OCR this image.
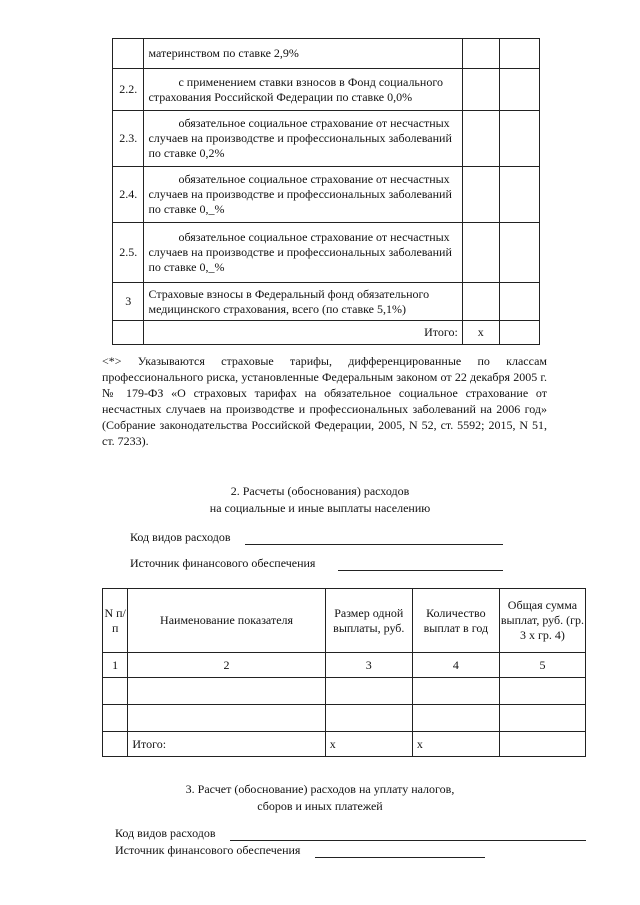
	материнством по ставке 2,9%		
2.2.	с применением ставки взносов в Фонд социального страхования Российской Федерации по ставке 0,0%		

2.3.	обязательное социальное страхование от несчастных случаев на производстве и профессиональных заболеваний по ставке 0,2%		

2.4.	обязательное социальное страхование от несчастных случаев на производстве и профессиональных заболеваний по ставке 0,_%		

2.5.	обязательное социальное страхование от несчастных случаев на производстве и профессиональных заболеваний по ставке 0,_%		

3	Страховые взносы в Федеральный фонд обязательного медицинского страхования, всего (по ставке 5,1%)		
	Итого:	х	
<*> Указываются страховые тарифы, дифференцированные по классам профессионального риска, установленные Федеральным законом от 22 декабря 2005 г. № 179-ФЗ «О страховых тарифах на обязательное социальное страхование от несчастных случаев на производстве и профессиональных заболеваний на 2006 год» (Собрание законодательства Российской Федерации, 2005, N 52, ст. 5592; 2015, N 51, ст. 7233).
2. Расчеты (обоснования) расходов
на социальные и иные выплаты населению
Код видов расходов
Источник финансового обеспечения
N п/п	Наименование показателя	Размер одной выплаты, руб.	Количество выплат в год	Общая сумма выплат, руб. (гр. 3 х гр. 4)
1	2	3	4	5

	Итого:	х	х	
3. Расчет (обоснование) расходов на уплату налогов,
сборов и иных платежей
Код видов расходов
Источник финансового обеспечения
